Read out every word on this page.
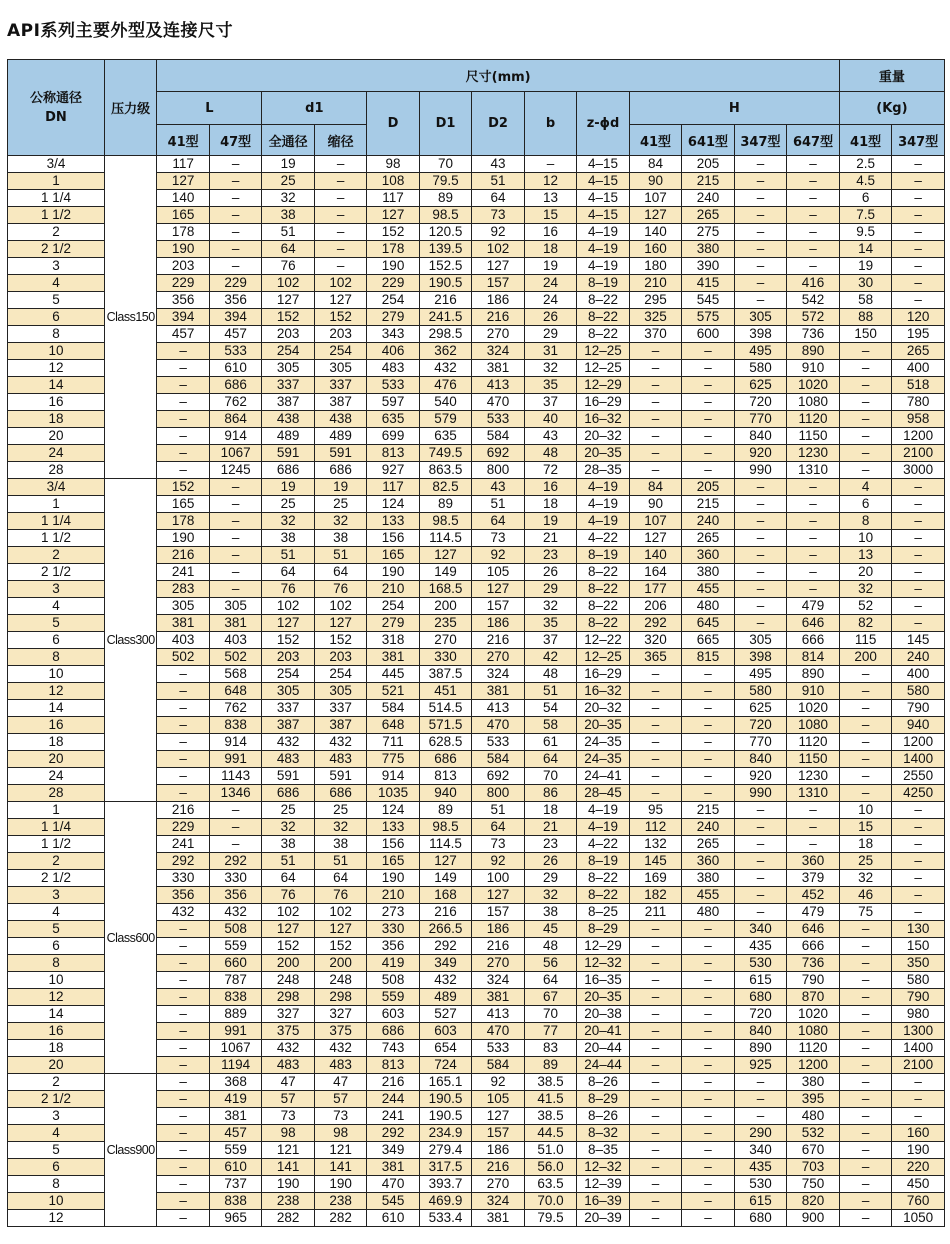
API系列主要外型及连接尺寸
公称通径
DN	压力级	尺寸(mm)													重量	
		L		d1		D	D1	D2	b	z-ϕd	H				(Kg)	
		41型	47型	全通径	缩径						41型	641型	347型	647型	41型	347型
3/4	Class150	117	–	19	–	98	70	43	–	4–15	84	205	–	–	2.5	–
1		127	–	25	–	108	79.5	51	12	4–15	90	215	–	–	4.5	–
1 1/4		140	–	32	–	117	89	64	13	4–15	107	240	–	–	6	–
1 1/2		165	–	38	–	127	98.5	73	15	4–15	127	265	–	–	7.5	–
2		178	–	51	–	152	120.5	92	16	4–19	140	275	–	–	9.5	–
2 1/2		190	–	64	–	178	139.5	102	18	4–19	160	380	–	–	14	–
3		203	–	76	–	190	152.5	127	19	4–19	180	390	–	–	19	–
4		229	229	102	102	229	190.5	157	24	8–19	210	415	–	416	30	–
5		356	356	127	127	254	216	186	24	8–22	295	545	–	542	58	–
6		394	394	152	152	279	241.5	216	26	8–22	325	575	305	572	88	120
8		457	457	203	203	343	298.5	270	29	8–22	370	600	398	736	150	195
10		–	533	254	254	406	362	324	31	12–25	–	–	495	890	–	265
12		–	610	305	305	483	432	381	32	12–25	–	–	580	910	–	400
14		–	686	337	337	533	476	413	35	12–29	–	–	625	1020	–	518
16		–	762	387	387	597	540	470	37	16–29	–	–	720	1080	–	780
18		–	864	438	438	635	579	533	40	16–32	–	–	770	1120	–	958
20		–	914	489	489	699	635	584	43	20–32	–	–	840	1150	–	1200
24		–	1067	591	591	813	749.5	692	48	20–35	–	–	920	1230	–	2100
28		–	1245	686	686	927	863.5	800	72	28–35	–	–	990	1310	–	3000
3/4	Class300	152	–	19	19	117	82.5	43	16	4–19	84	205	–	–	4	–
1		165	–	25	25	124	89	51	18	4–19	90	215	–	–	6	–
1 1/4		178	–	32	32	133	98.5	64	19	4–19	107	240	–	–	8	–
1 1/2		190	–	38	38	156	114.5	73	21	4–22	127	265	–	–	10	–
2		216	–	51	51	165	127	92	23	8–19	140	360	–	–	13	–
2 1/2		241	–	64	64	190	149	105	26	8–22	164	380	–	–	20	–
3		283	–	76	76	210	168.5	127	29	8–22	177	455	–	–	32	–
4		305	305	102	102	254	200	157	32	8–22	206	480	–	479	52	–
5		381	381	127	127	279	235	186	35	8–22	292	645	–	646	82	–
6		403	403	152	152	318	270	216	37	12–22	320	665	305	666	115	145
8		502	502	203	203	381	330	270	42	12–25	365	815	398	814	200	240
10		–	568	254	254	445	387.5	324	48	16–29	–	–	495	890	–	400
12		–	648	305	305	521	451	381	51	16–32	–	–	580	910	–	580
14		–	762	337	337	584	514.5	413	54	20–32	–	–	625	1020	–	790
16		–	838	387	387	648	571.5	470	58	20–35	–	–	720	1080	–	940
18		–	914	432	432	711	628.5	533	61	24–35	–	–	770	1120	–	1200
20		–	991	483	483	775	686	584	64	24–35	–	–	840	1150	–	1400
24		–	1143	591	591	914	813	692	70	24–41	–	–	920	1230	–	2550
28		–	1346	686	686	1035	940	800	86	28–45	–	–	990	1310	–	4250
1	Class600	216	–	25	25	124	89	51	18	4–19	95	215	–	–	10	–
1 1/4		229	–	32	32	133	98.5	64	21	4–19	112	240	–	–	15	–
1 1/2		241	–	38	38	156	114.5	73	23	4–22	132	265	–	–	18	–
2		292	292	51	51	165	127	92	26	8–19	145	360	–	360	25	–
2 1/2		330	330	64	64	190	149	100	29	8–22	169	380	–	379	32	–
3		356	356	76	76	210	168	127	32	8–22	182	455	–	452	46	–
4		432	432	102	102	273	216	157	38	8–25	211	480	–	479	75	–
5		–	508	127	127	330	266.5	186	45	8–29	–	–	340	646	–	130
6		–	559	152	152	356	292	216	48	12–29	–	–	435	666	–	150
8		–	660	200	200	419	349	270	56	12–32	–	–	530	736	–	350
10		–	787	248	248	508	432	324	64	16–35	–	–	615	790	–	580
12		–	838	298	298	559	489	381	67	20–35	–	–	680	870	–	790
14		–	889	327	327	603	527	413	70	20–38	–	–	720	1020	–	980
16		–	991	375	375	686	603	470	77	20–41	–	–	840	1080	–	1300
18		–	1067	432	432	743	654	533	83	20–44	–	–	890	1120	–	1400
20		–	1194	483	483	813	724	584	89	24–44	–	–	925	1200	–	2100
2	Class900	–	368	47	47	216	165.1	92	38.5	8–26	–	–	–	380	–	–
2 1/2		–	419	57	57	244	190.5	105	41.5	8–29	–	–	–	395	–	–
3		–	381	73	73	241	190.5	127	38.5	8–26	–	–	–	480	–	–
4		–	457	98	98	292	234.9	157	44.5	8–32	–	–	290	532	–	160
5		–	559	121	121	349	279.4	186	51.0	8–35	–	–	340	670	–	190
6		–	610	141	141	381	317.5	216	56.0	12–32	–	–	435	703	–	220
8		–	737	190	190	470	393.7	270	63.5	12–39	–	–	530	750	–	450
10		–	838	238	238	545	469.9	324	70.0	16–39	–	–	615	820	–	760
12		–	965	282	282	610	533.4	381	79.5	20–39	–	–	680	900	–	1050
